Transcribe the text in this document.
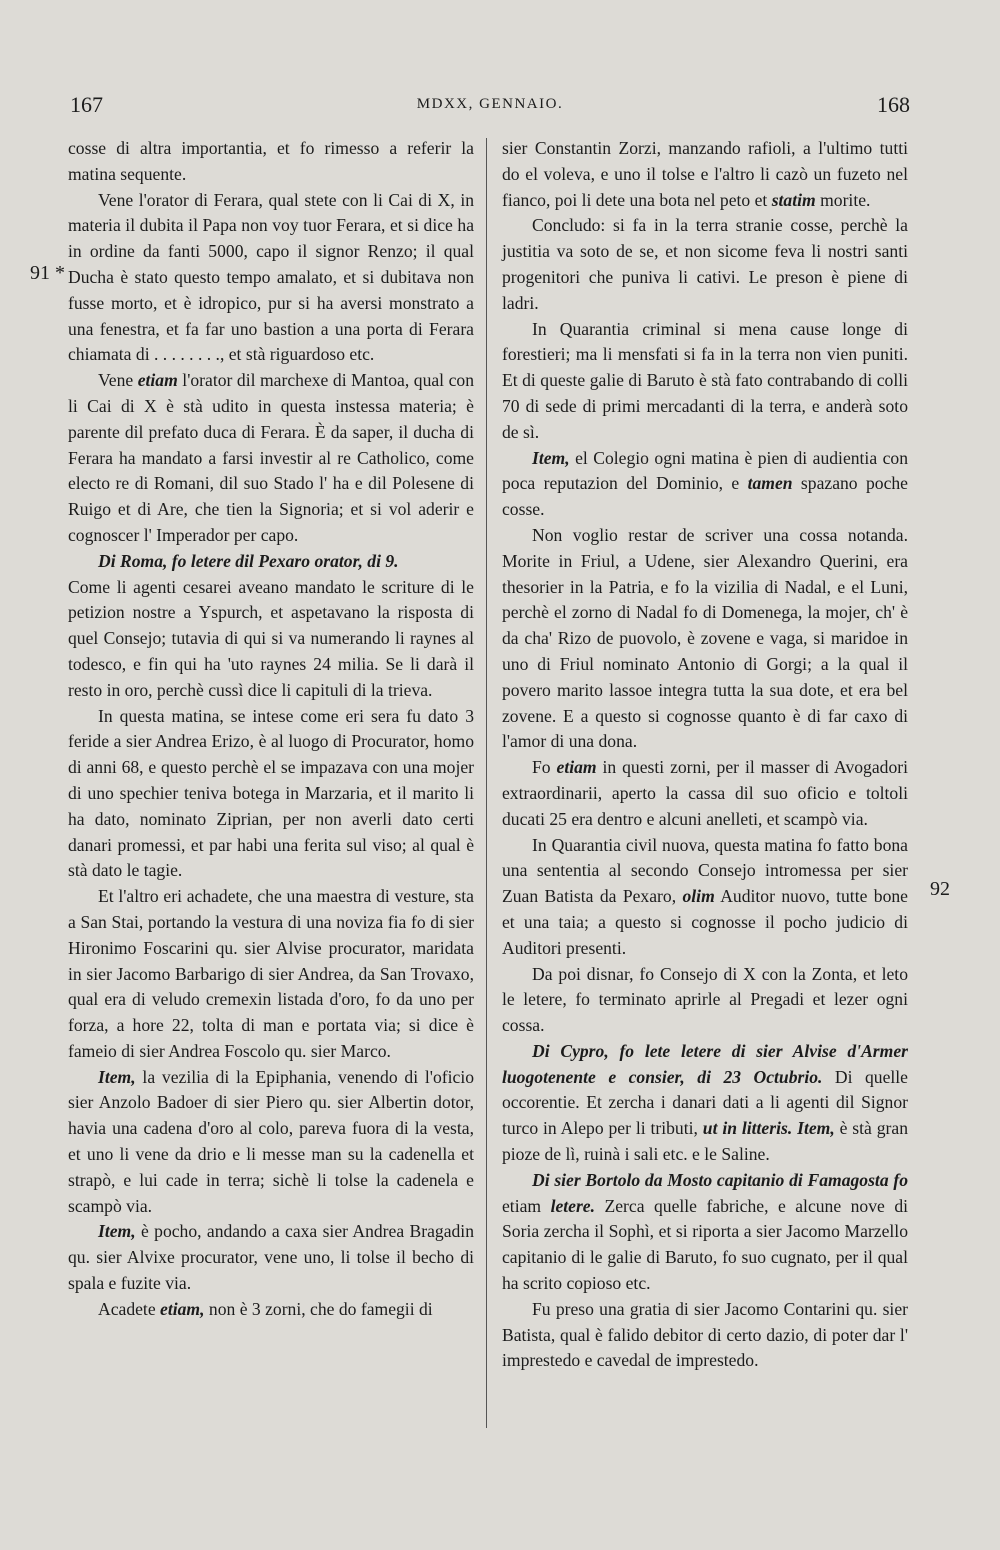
167	MDXX, GENNAIO.	168
91 *
92

cosse di altra importantia, et fo rimesso a referir la matina sequente.

Vene l'orator di Ferara, qual stete con li Cai di X, in materia il dubita il Papa non voy tuor Ferara, et si dice ha in ordine da fanti 5000, capo il signor Renzo; il qual Ducha è stato questo tempo amalato, et si dubitava non fusse morto, et è idropico, pur si ha aversi monstrato a una fenestra, et fa far uno bastion a una porta di Ferara chiamata di . . . . . . . ., et stà riguardoso etc.

Vene etiam l'orator dil marchexe di Mantoa, qual con li Cai di X è stà udito in questa instessa materia; è parente dil prefato duca di Ferara. È da saper, il ducha di Ferara ha mandato a farsi investir al re Catholico, come electo re di Romani, dil suo Stado l' ha e dil Polesene di Ruigo et di Are, che tien la Signoria; et si vol aderir e cognoscer l' Imperador per capo.

Di Roma, fo letere dil Pexaro orator, di 9.

Come li agenti cesarei aveano mandato le scriture di le petizion nostre a Yspurch, et aspetavano la risposta di quel Consejo; tutavia di qui si va numerando li raynes al todesco, e fin qui ha 'uto raynes 24 milia. Se li darà il resto in oro, perchè cussì dice li capituli di la trieva.

In questa matina, se intese come eri sera fu dato 3 feride a sier Andrea Erizo, è al luogo di Procurator, homo di anni 68, e questo perchè el se impazava con una mojer di uno spechier teniva botega in Marzaria, et il marito li ha dato, nominato Ziprian, per non averli dato certi danari promessi, et par habi una ferita sul viso; al qual è stà dato le tagie.

Et l'altro eri achadete, che una maestra di vesture, sta a San Stai, portando la vestura di una noviza fia fo di sier Hironimo Foscarini qu. sier Alvise procurator, maridata in sier Jacomo Barbarigo di sier Andrea, da San Trovaxo, qual era di veludo cremexin listada d'oro, fo da uno per forza, a hore 22, tolta di man e portata via; si dice è fameio di sier Andrea Foscolo qu. sier Marco.

Item, la vezilia di la Epiphania, venendo di l'oficio sier Anzolo Badoer di sier Piero qu. sier Albertin dotor, havia una cadena d'oro al colo, pareva fuora di la vesta, et uno li vene da drio e li messe man su la cadenella et strapò, e lui cade in terra; sichè li tolse la cadenela e scampò via.

Item, è pocho, andando a caxa sier Andrea Bragadin qu. sier Alvixe procurator, vene uno, li tolse il becho di spala e fuzite via.

Acadete etiam, non è 3 zorni, che do famegii di

sier Constantin Zorzi, manzando rafioli, a l'ultimo tutti do el voleva, e uno il tolse e l'altro li cazò un fuzeto nel fianco, poi li dete una bota nel peto et statim morite.

Concludo: si fa in la terra stranie cosse, perchè la justitia va soto de se, et non sicome feva li nostri santi progenitori che puniva li cativi. Le preson è piene di ladri.

In Quarantia criminal si mena cause longe di forestieri; ma li mensfati si fa in la terra non vien puniti. Et di queste galie di Baruto è stà fato contrabando di colli 70 di sede di primi mercadanti di la terra, e anderà soto de sì.

Item, el Colegio ogni matina è pien di audientia con poca reputazion del Dominio, e tamen spazano poche cosse.

Non voglio restar de scriver una cossa notanda. Morite in Friul, a Udene, sier Alexandro Querini, era thesorier in la Patria, e fo la vizilia di Nadal, e el Luni, perchè el zorno di Nadal fo di Domenega, la mojer, ch' è da cha' Rizo de puovolo, è zovene e vaga, si maridoe in uno di Friul nominato Antonio di Gorgi; a la qual il povero marito lassoe integra tutta la sua dote, et era bel zovene. E a questo si cognosse quanto è di far caxo di l'amor di una dona.

Fo etiam in questi zorni, per il masser di Avogadori extraordinarii, aperto la cassa dil suo oficio e toltoli ducati 25 era dentro e alcuni anelleti, et scampò via.

In Quarantia civil nuova, questa matina fo fatto bona una sententia al secondo Consejo intromessa per sier Zuan Batista da Pexaro, olim Auditor nuovo, tutte bone et una taia; a questo si cognosse il pocho judicio di Auditori presenti.

Da poi disnar, fo Consejo di X con la Zonta, et leto le letere, fo terminato aprirle al Pregadi et lezer ogni cossa.

Di Cypro, fo lete letere di sier Alvise d'Armer luogotenente e consier, di 23 Octubrio. Di quelle occorentie. Et zercha i danari dati a li agenti dil Signor turco in Alepo per li tributi, ut in litteris. Item, è stà gran pioze de lì, ruinà i sali etc. e le Saline.

Di sier Bortolo da Mosto capitanio di Famagosta fo etiam letere. Zerca quelle fabriche, e alcune nove di Soria zercha il Sophì, et si riporta a sier Jacomo Marzello capitanio di le galie di Baruto, fo suo cugnato, per il qual ha scrito copioso etc.

Fu preso una gratia di sier Jacomo Contarini qu. sier Batista, qual è falido debitor di certo dazio, di poter dar l' imprestedo e cavedal de imprestedo.
